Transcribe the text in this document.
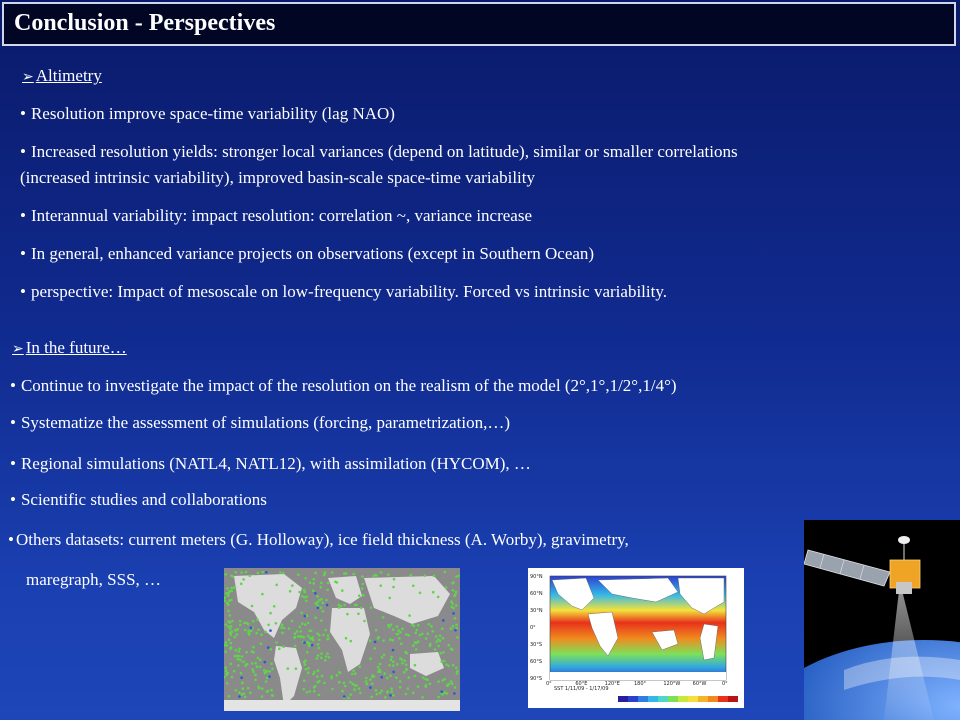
Conclusion - Perspectives
➢ Altimetry
• Resolution improve space-time variability (lag NAO)
• Increased resolution yields: stronger local variances (depend on latitude), similar or smaller correlations
(increased intrinsic variability), improved basin-scale space-time variability
• Interannual variability: impact resolution: correlation ~, variance increase
• In general, enhanced variance projects on observations (except in Southern Ocean)
• perspective: Impact of mesoscale on low-frequency variability. Forced vs intrinsic variability.
➢ In the future…
• Continue to investigate the impact of the resolution on the realism of the model (2°,1°,1/2°,1/4°)
• Systematize the assessment of simulations (forcing, parametrization,…)
• Regional simulations (NATL4, NATL12), with assimilation (HYCOM), …
• Scientific studies and collaborations
• Others datasets: current meters (G. Holloway), ice field thickness (A. Worby), gravimetry,
maregraph, SSS, …	90°N
60°N
30°N
0°
30°S
60°S
90°S
0°	60°E	120°E	180°	120°W 60°W	0°
SST 1/11/09 - 1/17/09
